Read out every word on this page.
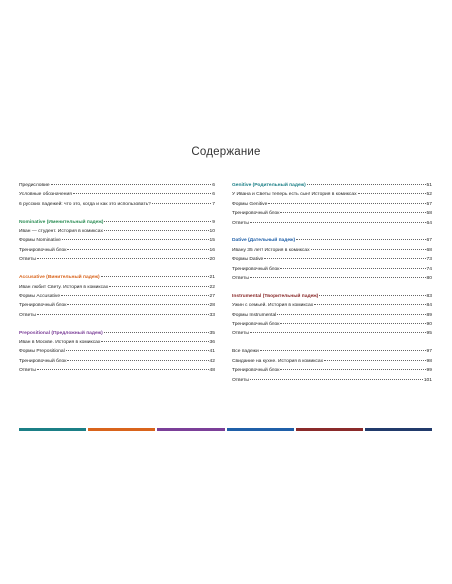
Содержание
Предисловие	6
Условные обозначения	6
6 русских падежей: что это, когда и как это использовать?	7
Nominative (Именительный падеж)	9
Иван — студент. История в комиксах	10
Формы Nominative	15
Тренировочный блок	16
Ответы	20
Accusative (Винительный падеж)	21
Иван любит Свету. История в комиксах	22
Формы Accusative	27
Тренировочный блок	28
Ответы	33
Prepositional (Предложный падеж)	35
Иван в Москве. История в комиксах	36
Формы Prepositional	41
Тренировочный блок	42
Ответы	48
Genitive (Родительный падеж)	51
У Ивана и Светы теперь есть сын! История в комиксах	52
Формы Genitive	57
Тренировочный блок	58
Ответы	64
Dative (Дательный падеж)	67
Ивану 35 лет! История в комиксах	68
Формы Dative	73
Тренировочный блок	74
Ответы	80
Instrumental (Творительный падеж)	83
Ужин с семьей. История в комиксах	84
Формы Instrumental	89
Тренировочный блок	90
Ответы	95
Все падежи	97
Свидание на кухне. История в комиксах	98
Тренировочный блок	99
Ответы	101
